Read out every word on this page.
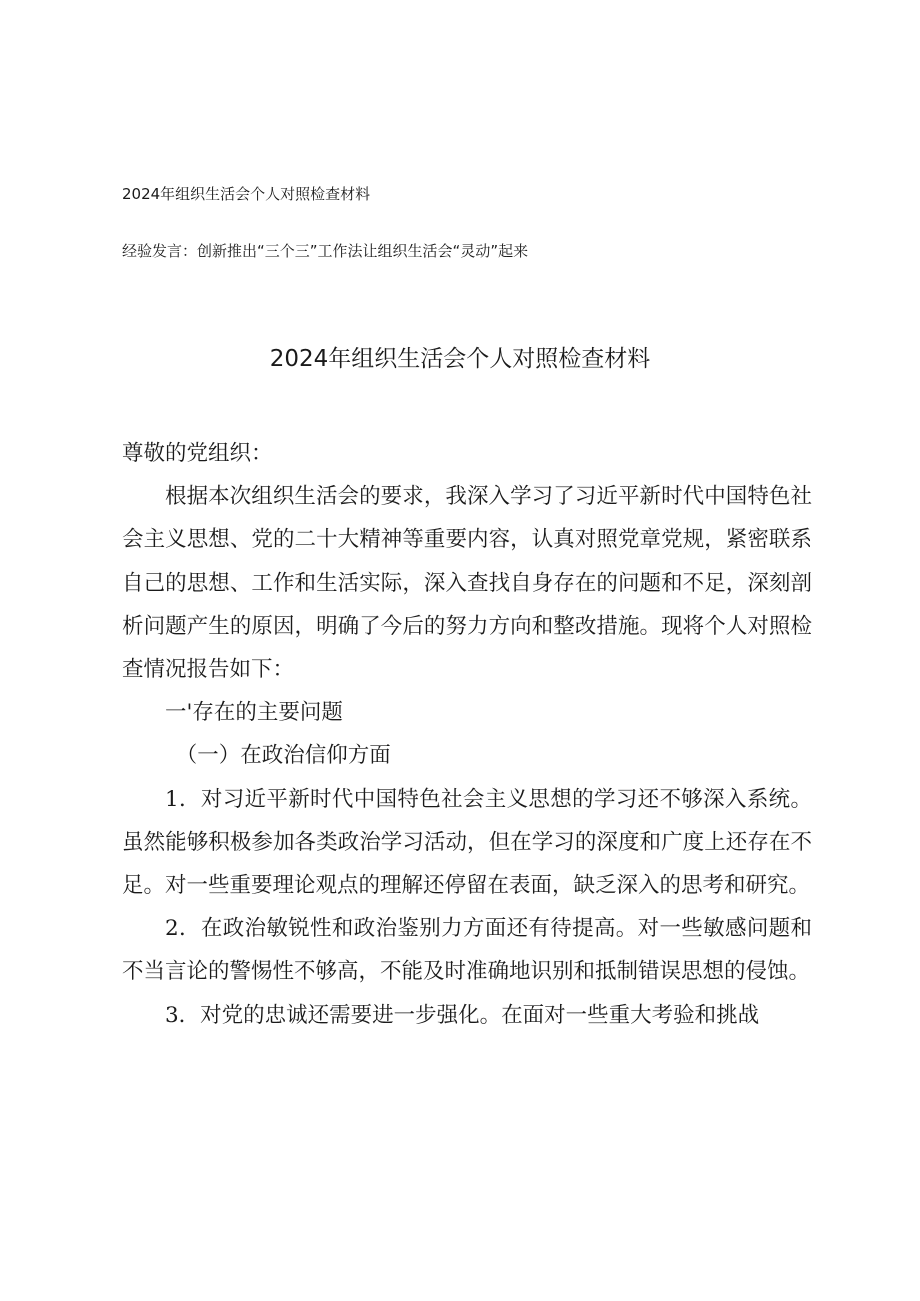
2024年组织生活会个人对照检查材料
经验发言：创新推出“三个三”工作法让组织生活会“灵动”起来
2024年组织生活会个人对照检查材料

尊敬的党组织：

根据本次组织生活会的要求，我深入学习了习近平新时代中国特色社会主义思想、党的二十大精神等重要内容，认真对照党章党规，紧密联系自己的思想、工作和生活实际，深入查找自身存在的问题和不足，深刻剖析问题产生的原因，明确了今后的努力方向和整改措施。现将个人对照检查情况报告如下：

一'存在的主要问题

（一）在政治信仰方面

1．对习近平新时代中国特色社会主义思想的学习还不够深入系统。虽然能够积极参加各类政治学习活动，但在学习的深度和广度上还存在不足。对一些重要理论观点的理解还停留在表面，缺乏深入的思考和研究。

2．在政治敏锐性和政治鉴别力方面还有待提高。对一些敏感问题和不当言论的警惕性不够高，不能及时准确地识别和抵制错误思想的侵蚀。

3．对党的忠诚还需要进一步强化。在面对一些重大考验和挑战
